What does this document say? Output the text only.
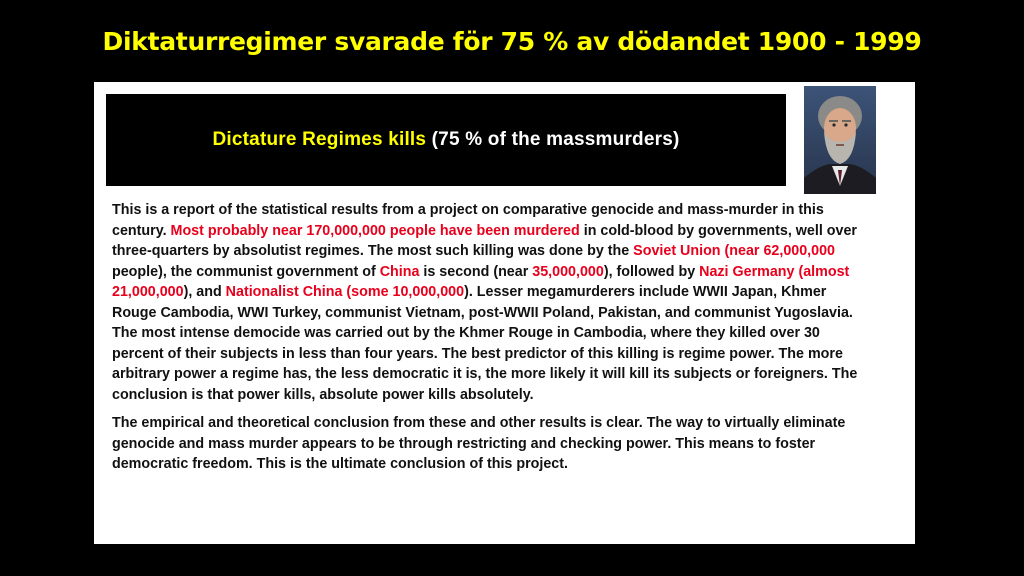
Diktaturregimer svarade för 75 % av dödandet 1900 - 1999
Dictature Regimes kills (75 % of the massmurders)

This is a report of the statistical results from a project on comparative genocide and mass-murder in this century. Most probably near 170,000,000 people have been murdered in cold-blood by governments, well over three-quarters by absolutist regimes. The most such killing was done by the Soviet Union (near 62,000,000 people), the communist government of China is second (near 35,000,000), followed by Nazi Germany (almost 21,000,000), and Nationalist China (some 10,000,000). Lesser megamurderers include WWII Japan, Khmer Rouge Cambodia, WWI Turkey, communist Vietnam, post-WWII Poland, Pakistan, and communist Yugoslavia. The most intense democide was carried out by the Khmer Rouge in Cambodia, where they killed over 30 percent of their subjects in less than four years. The best predictor of this killing is regime power. The more arbitrary power a regime has, the less democratic it is, the more likely it will kill its subjects or foreigners. The conclusion is that power kills, absolute power kills absolutely.

The empirical and theoretical conclusion from these and other results is clear. The way to virtually eliminate genocide and mass murder appears to be through restricting and checking power. This means to foster democratic freedom. This is the ultimate conclusion of this project.
